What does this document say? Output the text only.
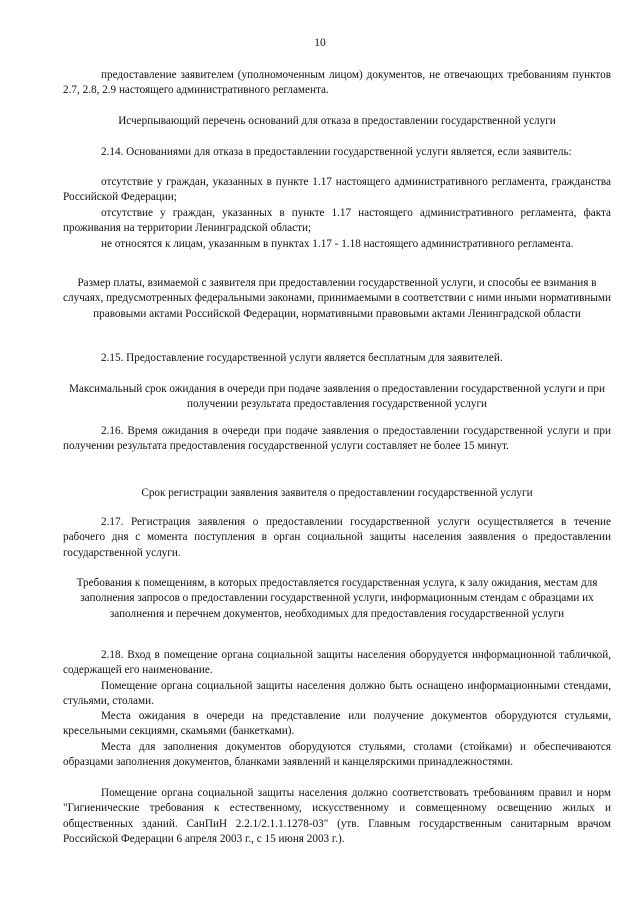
10

предоставление заявителем (уполномоченным лицом) документов, не отвечающих требованиям пунктов 2.7, 2.8, 2.9 настоящего административного регламента.

Исчерпывающий перечень оснований для отказа в предоставлении государственной услуги

2.14. Основаниями для отказа в предоставлении государственной услуги является, если заявитель:

отсутствие у граждан, указанных в пункте 1.17 настоящего административного регламента, гражданства Российской Федерации;

отсутствие у граждан, указанных в пункте 1.17 настоящего административного регламента, факта проживания на территории Ленинградской области;

не относятся к лицам, указанным в пунктах 1.17 - 1.18 настоящего административного регламента.

Размер платы, взимаемой с заявителя при предоставлении государственной услуги, и способы ее взимания в случаях, предусмотренных федеральными законами, принимаемыми в соответствии с ними иными нормативными правовыми актами Российской Федерации, нормативными правовыми актами Ленинградской области

2.15. Предоставление государственной услуги является бесплатным для заявителей.

Максимальный срок ожидания в очереди при подаче заявления о предоставлении государственной услуги и при получении результата предоставления государственной услуги

2.16. Время ожидания в очереди при подаче заявления о предоставлении государственной услуги и при получении результата предоставления государственной услуги составляет не более 15 минут.

Срок регистрации заявления заявителя о предоставлении государственной услуги

2.17. Регистрация заявления о предоставлении государственной услуги осуществляется в течение рабочего дня с момента поступления в орган социальной защиты населения заявления о предоставлении государственной услуги.

Требования к помещениям, в которых предоставляется государственная услуга, к залу ожидания, местам для заполнения запросов о предоставлении государственной услуги, информационным стендам с образцами их заполнения и перечнем документов, необходимых для предоставления государственной услуги

2.18. Вход в помещение органа социальной защиты населения оборудуется информационной табличкой, содержащей его наименование.

Помещение органа социальной защиты населения должно быть оснащено информационными стендами, стульями, столами.

Места ожидания в очереди на представление или получение документов оборудуются стульями, кресельными секциями, скамьями (банкетками).

Места для заполнения документов оборудуются стульями, столами (стойками) и обеспечиваются образцами заполнения документов, бланками заявлений и канцелярскими принадлежностями.

Помещение органа социальной защиты населения должно соответствовать требованиям правил и норм "Гигиенические требования к естественному, искусственному и совмещенному освещению жилых и общественных зданий. СанПиН 2.2.1/2.1.1.1278-03" (утв. Главным государственным санитарным врачом Российской Федерации 6 апреля 2003 г., с 15 июня 2003 г.).
